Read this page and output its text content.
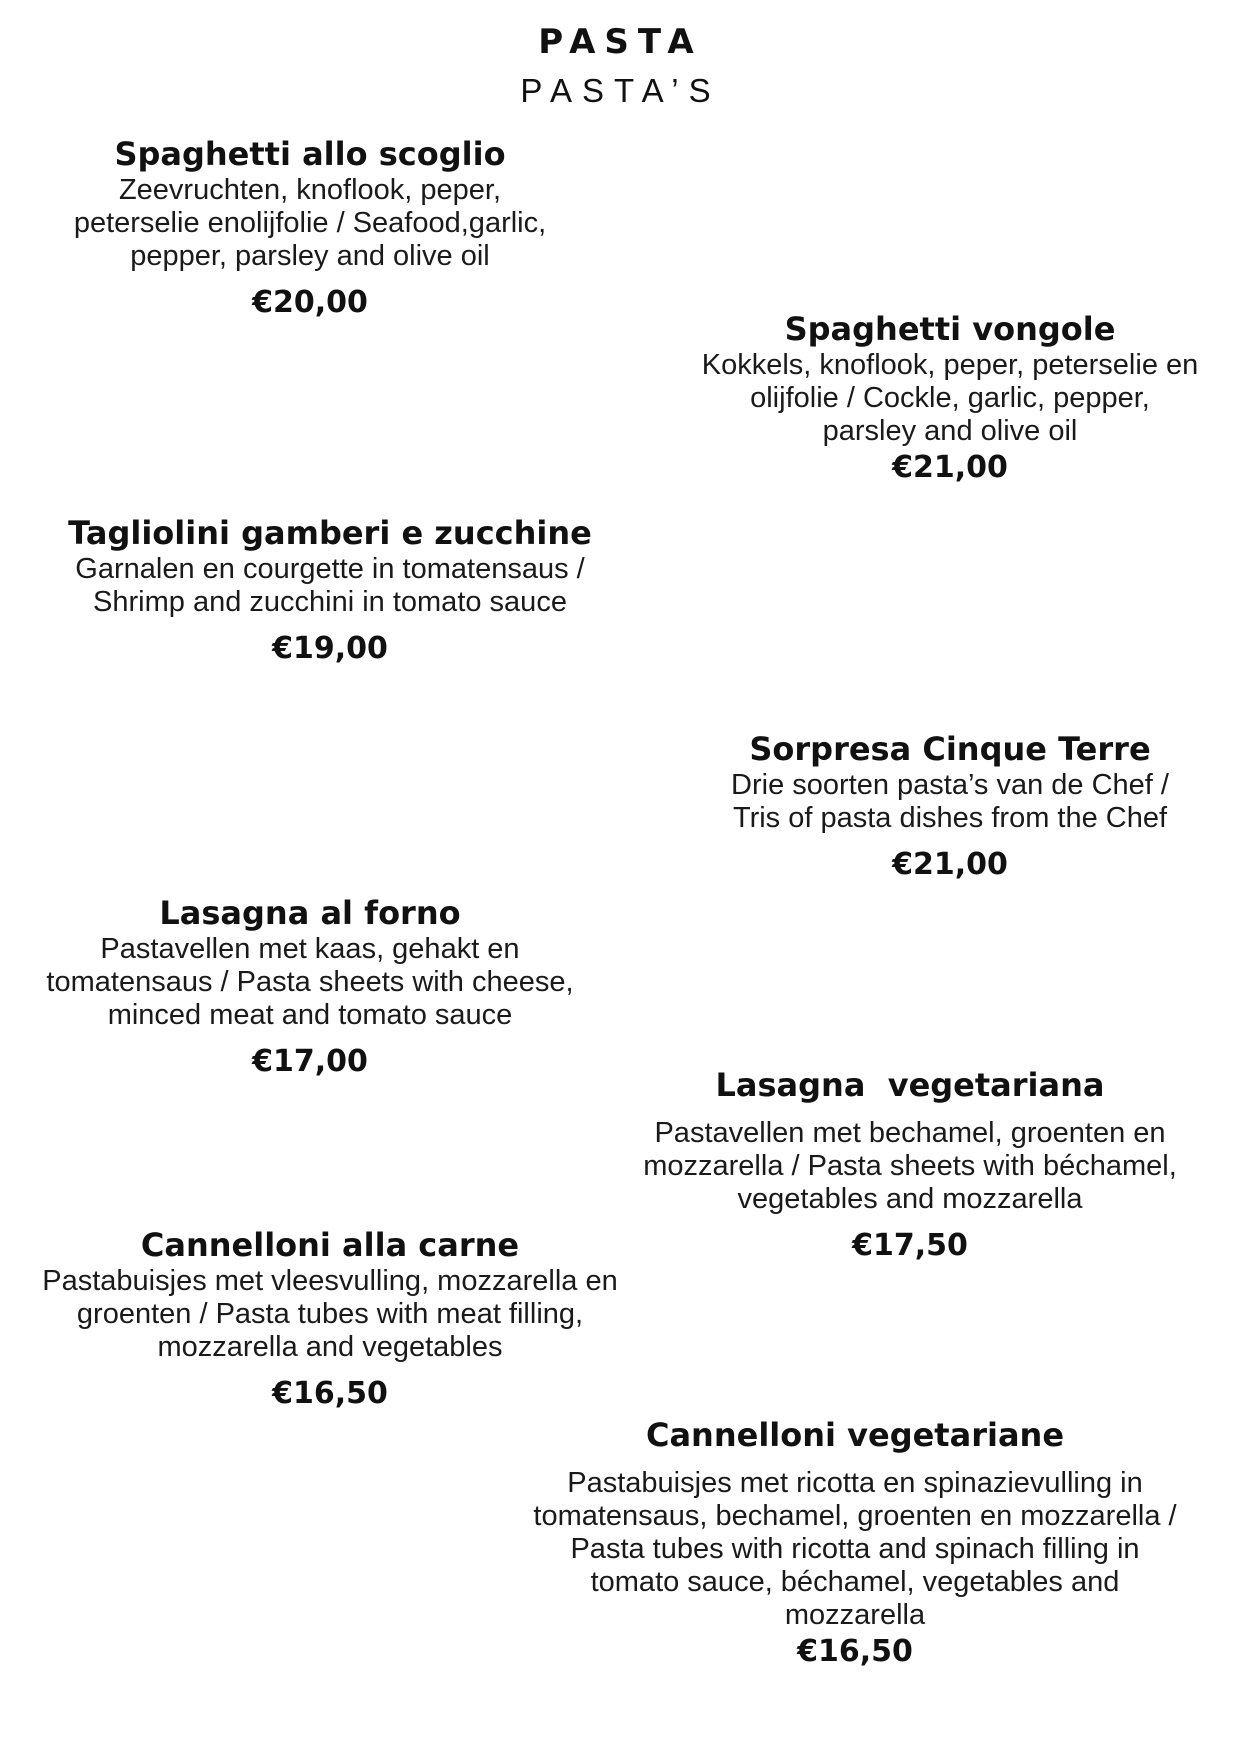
PASTA
PASTA’S
Spaghetti allo scoglio
Zeevruchten, knoflook, peper,
peterselie enolijfolie / Seafood,garlic,
pepper, parsley and olive oil
€20,00
Spaghetti vongole
Kokkels, knoflook, peper, peterselie en
olijfolie / Cockle, garlic, pepper,
parsley and olive oil
€21,00
Tagliolini gamberi e zucchine
Garnalen en courgette in tomatensaus /
Shrimp and zucchini in tomato sauce
€19,00
Sorpresa Cinque Terre
Drie soorten pasta’s van de Chef /
Tris of pasta dishes from the Chef
€21,00
Lasagna al forno
Pastavellen met kaas, gehakt en
tomatensaus / Pasta sheets with cheese,
minced meat and tomato sauce
€17,00
Lasagna  vegetariana
Pastavellen met bechamel, groenten en
mozzarella / Pasta sheets with béchamel,
vegetables and mozzarella
€17,50
Cannelloni alla carne
Pastabuisjes met vleesvulling, mozzarella en
groenten / Pasta tubes with meat filling,
mozzarella and vegetables
€16,50
Cannelloni vegetariane
Pastabuisjes met ricotta en spinazievulling in
tomatensaus, bechamel, groenten en mozzarella /
Pasta tubes with ricotta and spinach filling in
tomato sauce, béchamel, vegetables and
mozzarella
€16,50
